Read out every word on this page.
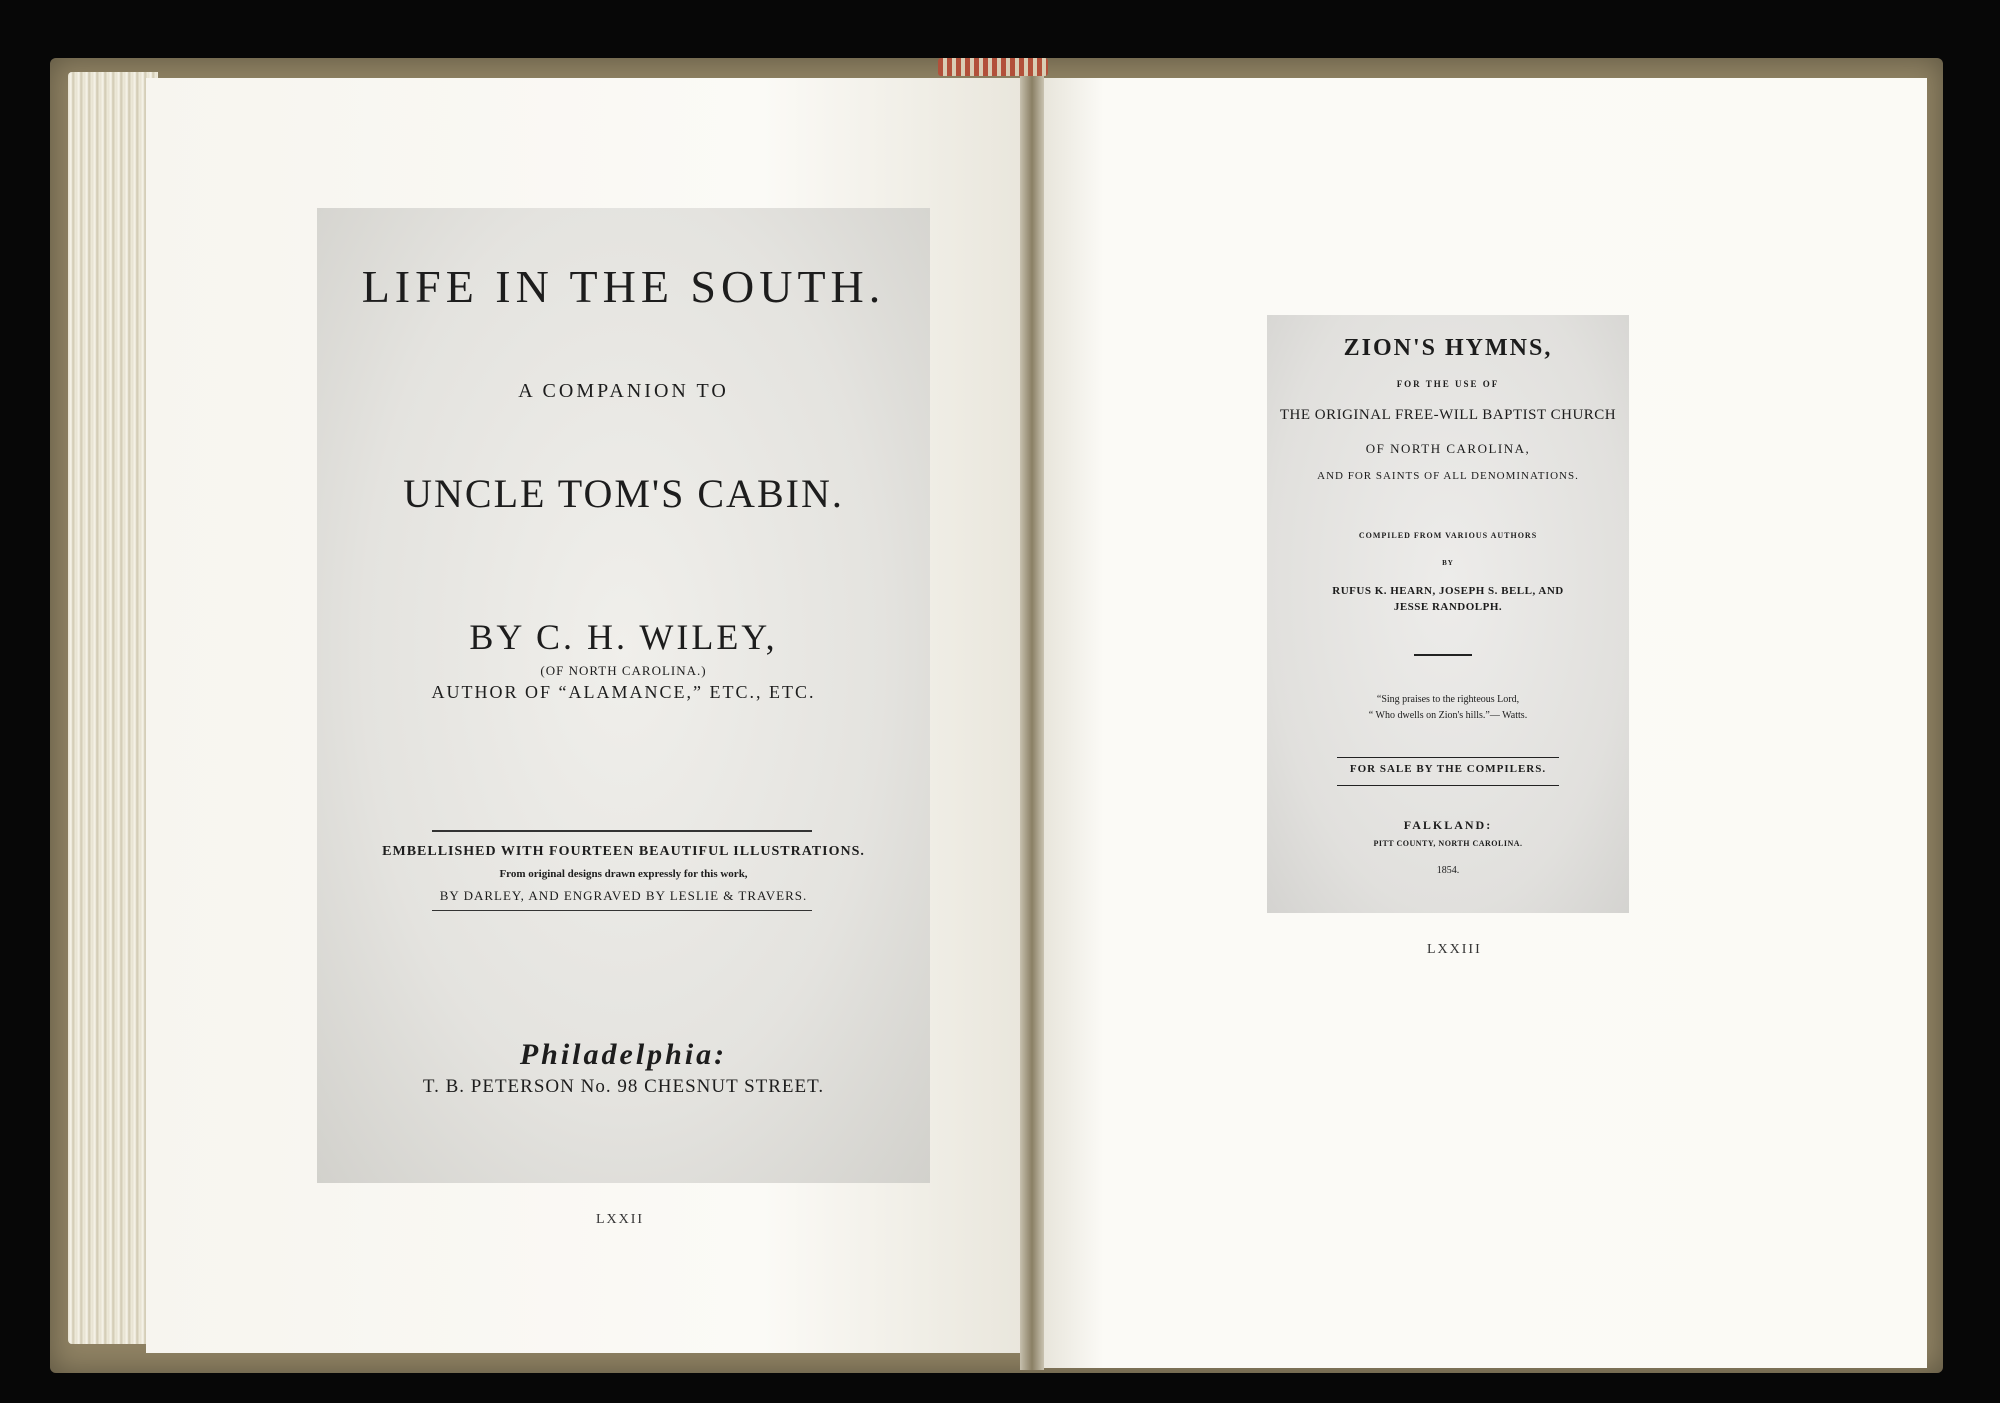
LIFE IN THE SOUTH.
A COMPANION TO
UNCLE TOM'S CABIN.
BY C. H. WILEY,
(OF NORTH CAROLINA.)
AUTHOR OF “ALAMANCE,” ETC., ETC.
EMBELLISHED WITH FOURTEEN BEAUTIFUL ILLUSTRATIONS.
From original designs drawn expressly for this work,
BY DARLEY, AND ENGRAVED BY LESLIE & TRAVERS.
Philadelphia:
T. B. PETERSON No. 98 CHESNUT STREET.
LXXII
ZION'S HYMNS,
FOR THE USE OF
THE ORIGINAL FREE-WILL BAPTIST CHURCH
OF NORTH CAROLINA,
AND FOR SAINTS OF ALL DENOMINATIONS.
COMPILED FROM VARIOUS AUTHORS
BY
RUFUS K. HEARN, JOSEPH S. BELL, AND
JESSE RANDOLPH.
“Sing praises to the righteous Lord,
“ Who dwells on Zion's hills.”— Watts.
FOR SALE BY THE COMPILERS.
FALKLAND:
PITT COUNTY, NORTH CAROLINA.
1854.
LXXIII
